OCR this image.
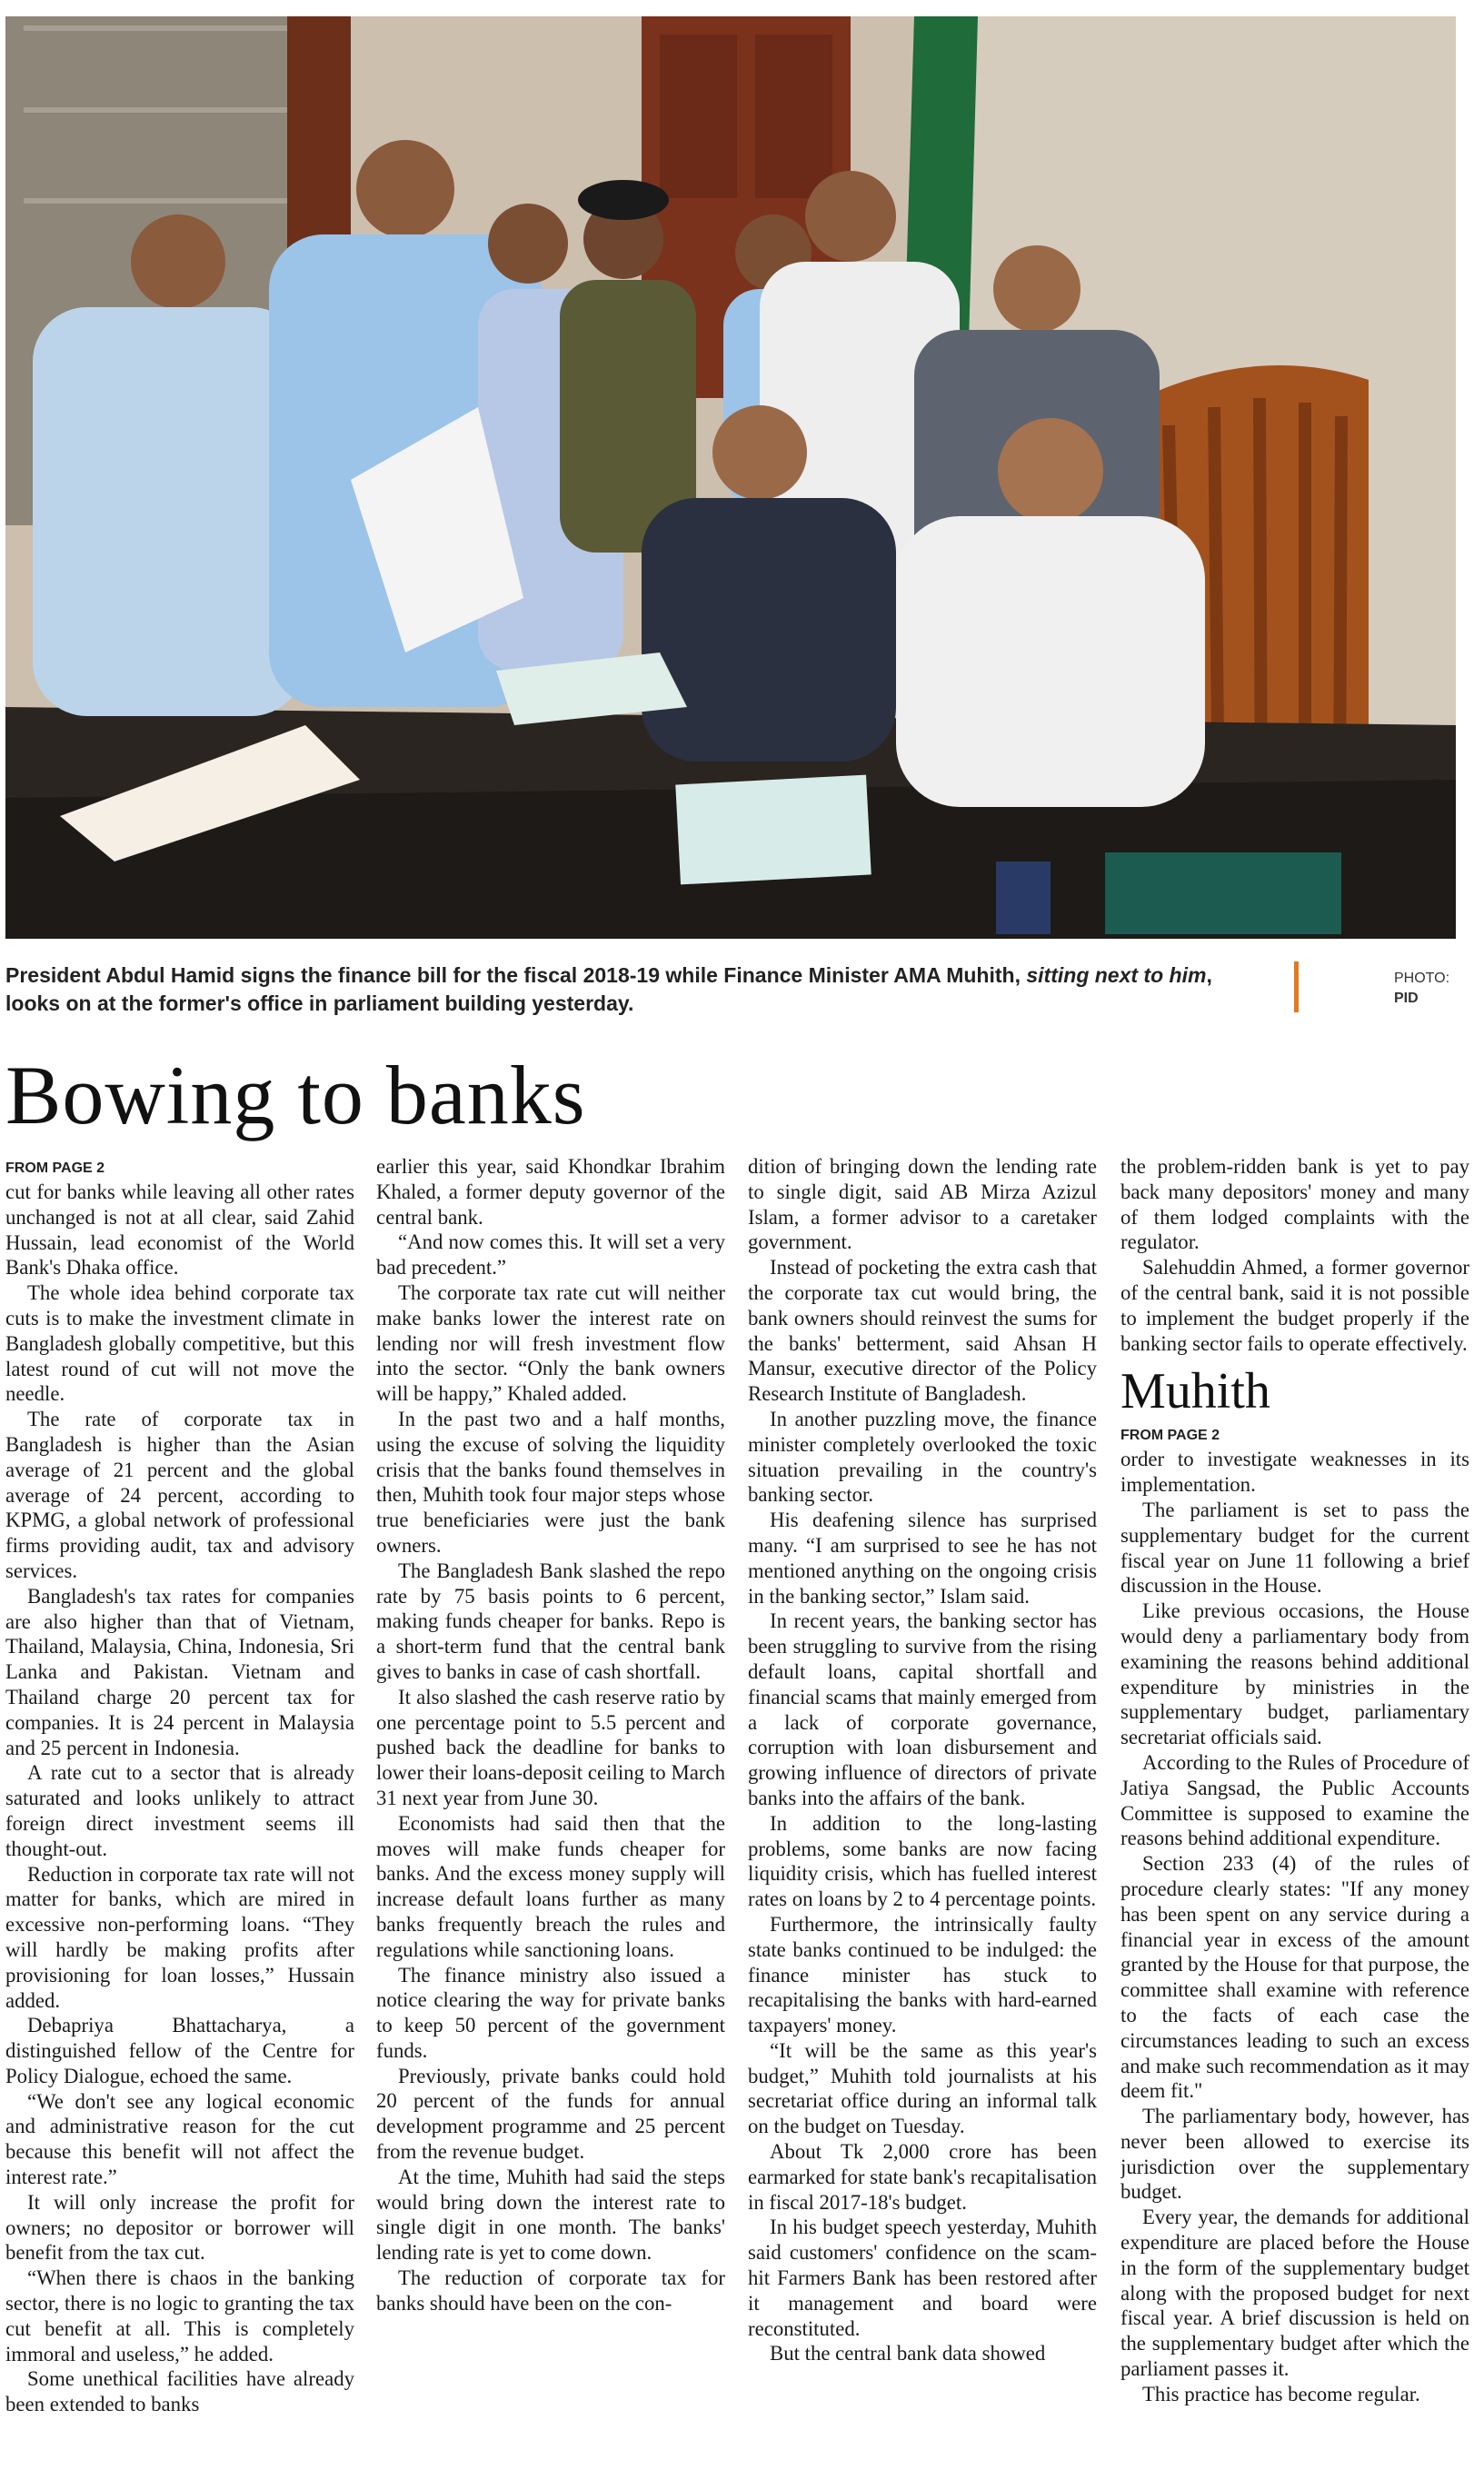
President Abdul Hamid signs the finance bill for the fiscal 2018-19 while Finance Minister AMA Muhith, sitting next to him, looks on at the former's office in parliament building yesterday.
PHOTO:
PID
Bowing to banks
FROM PAGE 2

cut for banks while leaving all other rates unchanged is not at all clear, said Zahid Hussain, lead economist of the World Bank's Dhaka office.

The whole idea behind corporate tax cuts is to make the investment climate in Bangladesh globally competitive, but this latest round of cut will not move the needle.

The rate of corporate tax in Bangladesh is higher than the Asian average of 21 percent and the global average of 24 percent, according to KPMG, a global network of professional firms providing audit, tax and advisory services.

Bangladesh's tax rates for companies are also higher than that of Vietnam, Thailand, Malaysia, China, Indonesia, Sri Lanka and Pakistan. Vietnam and Thailand charge 20 percent tax for companies. It is 24 percent in Malaysia and 25 percent in Indonesia.

A rate cut to a sector that is already saturated and looks unlikely to attract foreign direct investment seems ill thought-out.

Reduction in corporate tax rate will not matter for banks, which are mired in excessive non-performing loans. “They will hardly be making profits after provisioning for loan losses,” Hussain added.

Debapriya Bhattacharya, a distinguished fellow of the Centre for Policy Dialogue, echoed the same.

“We don't see any logical economic and administrative reason for the cut because this benefit will not affect the interest rate.”

It will only increase the profit for owners; no depositor or borrower will benefit from the tax cut.

“When there is chaos in the banking sector, there is no logic to granting the tax cut benefit at all. This is completely immoral and useless,” he added.

Some unethical facilities have already been extended to banks

earlier this year, said Khondkar Ibrahim Khaled, a former deputy governor of the central bank.

“And now comes this. It will set a very bad precedent.”

The corporate tax rate cut will neither make banks lower the interest rate on lending nor will fresh investment flow into the sector. “Only the bank owners will be happy,” Khaled added.

In the past two and a half months, using the excuse of solving the liquidity crisis that the banks found themselves in then, Muhith took four major steps whose true beneficiaries were just the bank owners.

The Bangladesh Bank slashed the repo rate by 75 basis points to 6 percent, making funds cheaper for banks. Repo is a short-term fund that the central bank gives to banks in case of cash shortfall.

It also slashed the cash reserve ratio by one percentage point to 5.5 percent and pushed back the deadline for banks to lower their loans-deposit ceiling to March 31 next year from June 30.

Economists had said then that the moves will make funds cheaper for banks. And the excess money supply will increase default loans further as many banks frequently breach the rules and regulations while sanctioning loans.

The finance ministry also issued a notice clearing the way for private banks to keep 50 percent of the government funds.

Previously, private banks could hold 20 percent of the funds for annual development programme and 25 percent from the revenue budget.

At the time, Muhith had said the steps would bring down the interest rate to single digit in one month. The banks' lending rate is yet to come down.

The reduction of corporate tax for banks should have been on the con-

dition of bringing down the lending rate to single digit, said AB Mirza Azizul Islam, a former advisor to a caretaker government.

Instead of pocketing the extra cash that the corporate tax cut would bring, the bank owners should reinvest the sums for the banks' betterment, said Ahsan H Mansur, executive director of the Policy Research Institute of Bangladesh.

In another puzzling move, the finance minister completely overlooked the toxic situation prevailing in the country's banking sector.

His deafening silence has surprised many. “I am surprised to see he has not mentioned anything on the ongoing crisis in the banking sector,” Islam said.

In recent years, the banking sector has been struggling to survive from the rising default loans, capital shortfall and financial scams that mainly emerged from a lack of corporate governance, corruption with loan disbursement and growing influence of directors of private banks into the affairs of the bank.

In addition to the long-lasting problems, some banks are now facing liquidity crisis, which has fuelled interest rates on loans by 2 to 4 percentage points.

Furthermore, the intrinsically faulty state banks continued to be indulged: the finance minister has stuck to recapitalising the banks with hard-earned taxpayers' money.

“It will be the same as this year's budget,” Muhith told journalists at his secretariat office during an informal talk on the budget on Tuesday.

About Tk 2,000 crore has been earmarked for state bank's recapitalisation in fiscal 2017-18's budget.

In his budget speech yesterday, Muhith said customers' confidence on the scam-hit Farmers Bank has been restored after it management and board were reconstituted.

But the central bank data showed

the problem-ridden bank is yet to pay back many depositors' money and many of them lodged complaints with the regulator.

Salehuddin Ahmed, a former governor of the central bank, said it is not possible to implement the budget properly if the banking sector fails to operate effectively.

Muhith
FROM PAGE 2

order to investigate weaknesses in its implementation.

The parliament is set to pass the supplementary budget for the current fiscal year on June 11 following a brief discussion in the House.

Like previous occasions, the House would deny a parliamentary body from examining the reasons behind additional expenditure by ministries in the supplementary budget, parliamentary secretariat officials said.

According to the Rules of Procedure of Jatiya Sangsad, the Public Accounts Committee is supposed to examine the reasons behind additional expenditure.

Section 233 (4) of the rules of procedure clearly states: "If any money has been spent on any service during a financial year in excess of the amount granted by the House for that purpose, the committee shall examine with reference to the facts of each case the circumstances leading to such an excess and make such recommendation as it may deem fit."

The parliamentary body, however, has never been allowed to exercise its jurisdiction over the supplementary budget.

Every year, the demands for additional expenditure are placed before the House in the form of the supplementary budget along with the proposed budget for next fiscal year. A brief discussion is held on the supplementary budget after which the parliament passes it.

This practice has become regular.
